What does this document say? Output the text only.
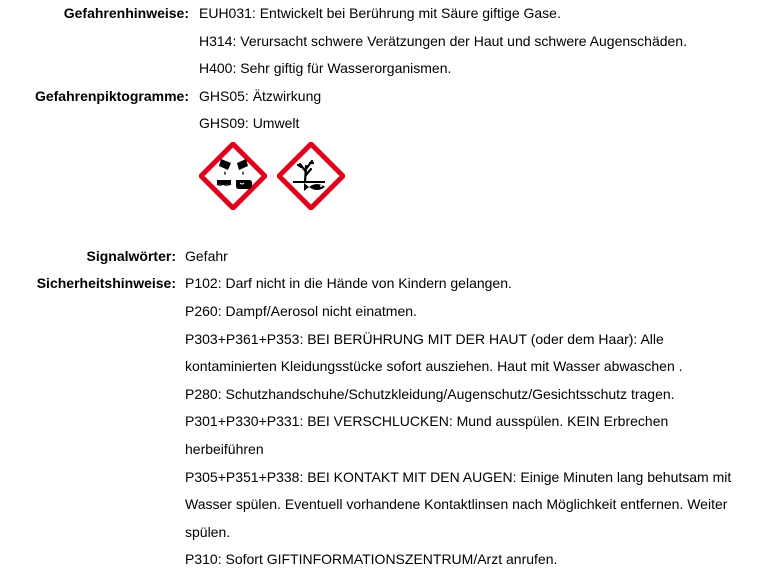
Gefahrenhinweise: EUH031: Entwickelt bei Berührung mit Säure giftige Gase.
H314: Verursacht schwere Verätzungen der Haut und schwere Augenschäden.
H400: Sehr giftig für Wasserorganismen.
Gefahrenpiktogramme: GHS05: Ätzwirkung
GHS09: Umwelt
Signalwörter: Gefahr
Sicherheitshinweise: P102: Darf nicht in die Hände von Kindern gelangen.
P260: Dampf/Aerosol nicht einatmen.
P303+P361+P353: BEI BERÜHRUNG MIT DER HAUT (oder dem Haar): Alle
kontaminierten Kleidungsstücke sofort ausziehen. Haut mit Wasser abwaschen .
P280: Schutzhandschuhe/Schutzkleidung/Augenschutz/Gesichtsschutz tragen.
P301+P330+P331: BEI VERSCHLUCKEN: Mund ausspülen. KEIN Erbrechen
herbeiführen
P305+P351+P338: BEI KONTAKT MIT DEN AUGEN: Einige Minuten lang behutsam mit
Wasser spülen. Eventuell vorhandene Kontaktlinsen nach Möglichkeit entfernen. Weiter
spülen.
P310: Sofort GIFTINFORMATIONSZENTRUM/Arzt anrufen.
